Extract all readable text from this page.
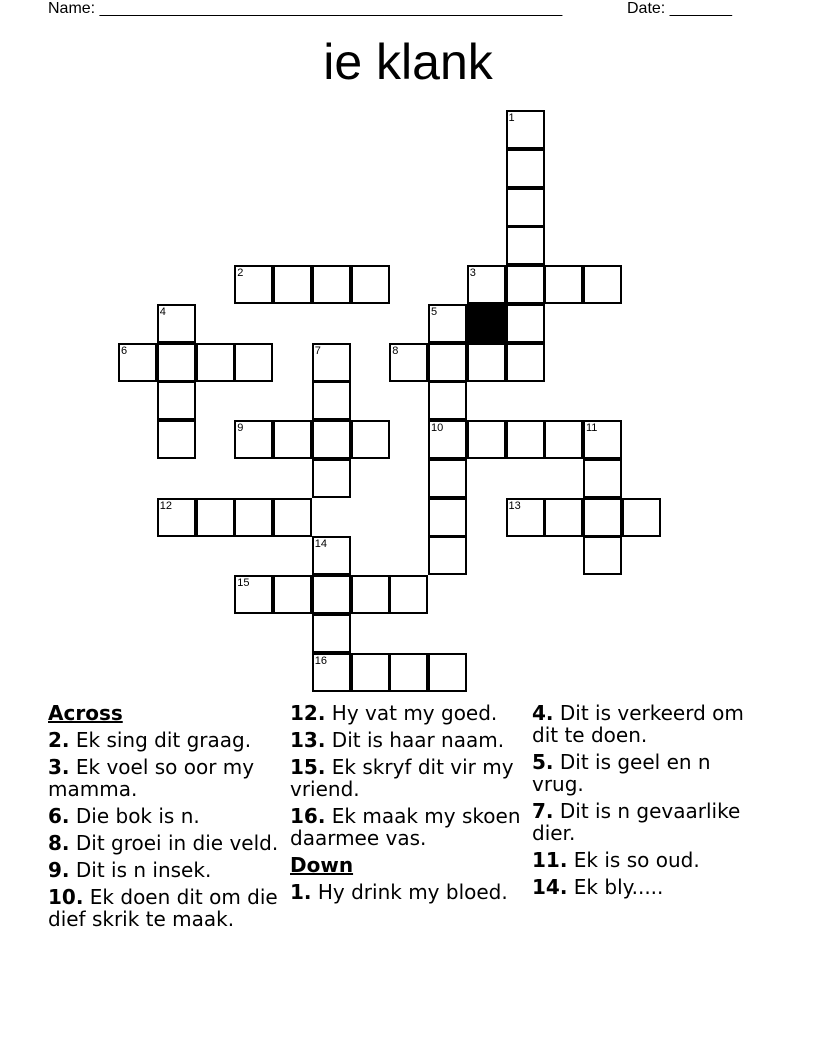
Name: ____________________________________________________	Date: _______
ie klank
1
2	3
4	5
6	7	8
9	10	11
12	13
14
15
16
Across
2. Ek sing dit graag.
3. Ek voel so oor my mamma.
6. Die bok is n.
8. Dit groei in die veld.
9. Dit is n insek.
10. Ek doen dit om die dief skrik te maak.
12. Hy vat my goed.
13. Dit is haar naam.
15. Ek skryf dit vir my vriend.
16. Ek maak my skoen daarmee vas.
Down
1. Hy drink my bloed.
4. Dit is verkeerd om dit te doen.
5. Dit is geel en n vrug.
7. Dit is n gevaarlike dier.
11. Ek is so oud.
14. Ek bly.....
